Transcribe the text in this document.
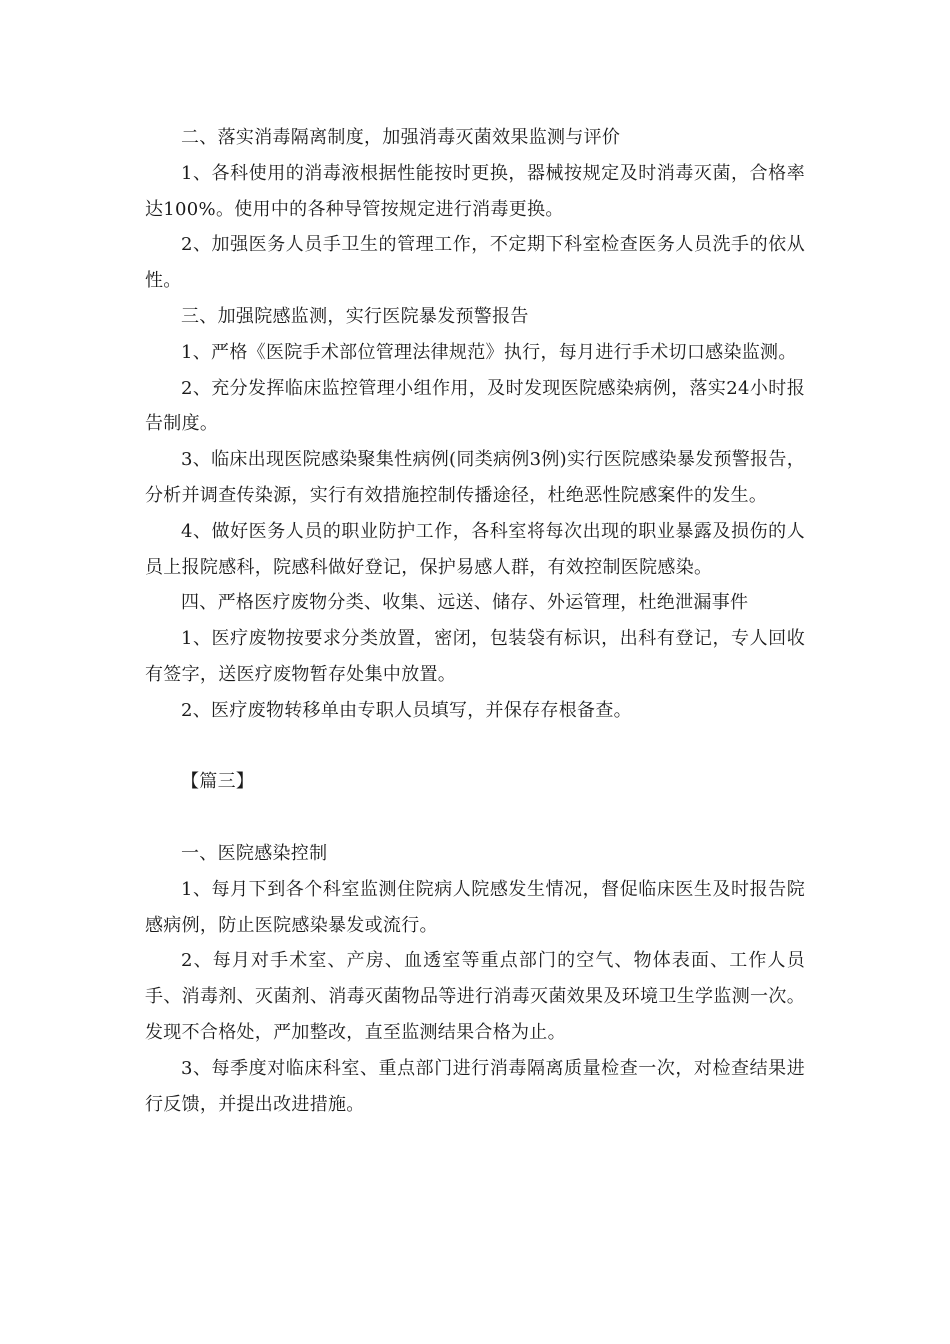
二、落实消毒隔离制度，加强消毒灭菌效果监测与评价

1、各科使用的消毒液根据性能按时更换，器械按规定及时消毒灭菌，合格率达100%。使用中的各种导管按规定进行消毒更换。

2、加强医务人员手卫生的管理工作，不定期下科室检查医务人员洗手的依从性。

三、加强院感监测，实行医院暴发预警报告

1、严格《医院手术部位管理法律规范》执行，每月进行手术切口感染监测。

2、充分发挥临床监控管理小组作用，及时发现医院感染病例，落实24小时报告制度。

3、临床出现医院感染聚集性病例(同类病例3例)实行医院感染暴发预警报告，分析并调查传染源，实行有效措施控制传播途径，杜绝恶性院感案件的发生。

4、做好医务人员的职业防护工作，各科室将每次出现的职业暴露及损伤的人员上报院感科，院感科做好登记，保护易感人群，有效控制医院感染。

四、严格医疗废物分类、收集、远送、储存、外运管理，杜绝泄漏事件

1、医疗废物按要求分类放置，密闭，包装袋有标识，出科有登记，专人回收有签字，送医疗废物暂存处集中放置。

2、医疗废物转移单由专职人员填写，并保存存根备查。

【篇三】

一、医院感染控制

1、每月下到各个科室监测住院病人院感发生情况，督促临床医生及时报告院感病例，防止医院感染暴发或流行。

2、每月对手术室、产房、血透室等重点部门的空气、物体表面、工作人员手、消毒剂、灭菌剂、消毒灭菌物品等进行消毒灭菌效果及环境卫生学监测一次。发现不合格处，严加整改，直至监测结果合格为止。

3、每季度对临床科室、重点部门进行消毒隔离质量检查一次，对检查结果进行反馈，并提出改进措施。
